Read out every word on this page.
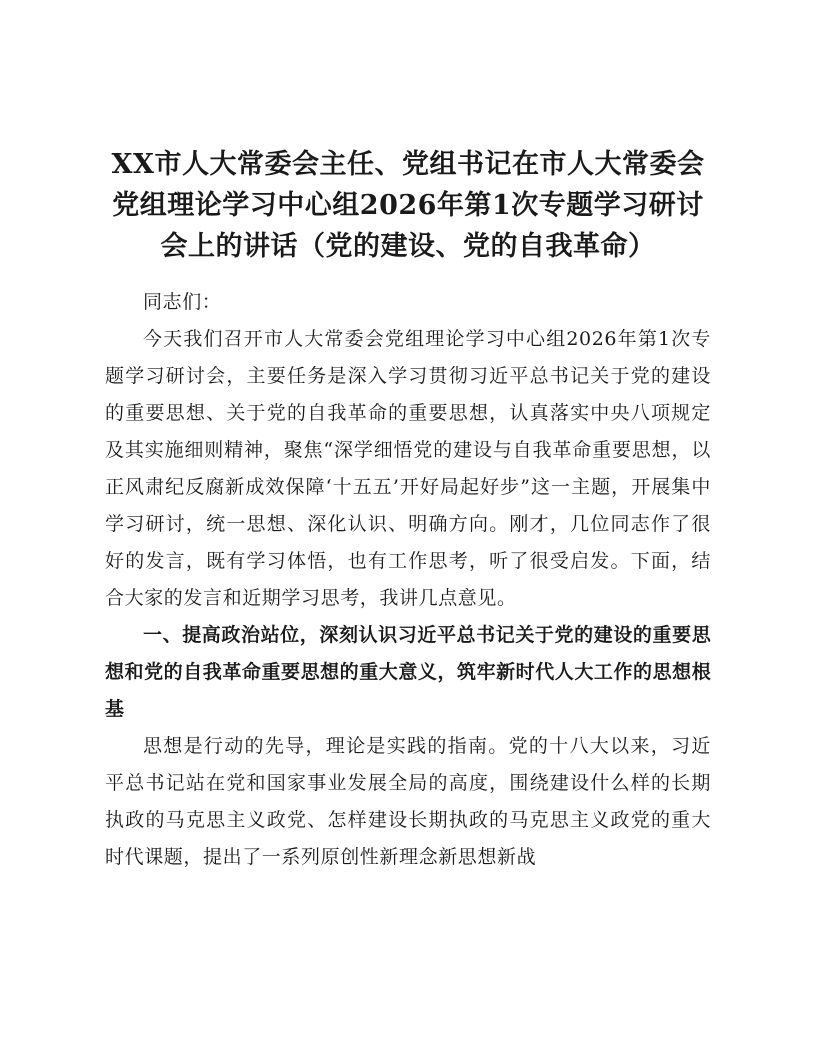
XX市人大常委会主任、党组书记在市人大常委会党组理论学习中心组2026年第1次专题学习研讨会上的讲话（党的建设、党的自我革命）

同志们：

今天我们召开市人大常委会党组理论学习中心组2026年第1次专题学习研讨会，主要任务是深入学习贯彻习近平总书记关于党的建设的重要思想、关于党的自我革命的重要思想，认真落实中央八项规定及其实施细则精神，聚焦“深学细悟党的建设与自我革命重要思想，以正风肃纪反腐新成效保障‘十五五’开好局起好步”这一主题，开展集中学习研讨，统一思想、深化认识、明确方向。刚才，几位同志作了很好的发言，既有学习体悟，也有工作思考，听了很受启发。下面，结合大家的发言和近期学习思考，我讲几点意见。

一、提高政治站位，深刻认识习近平总书记关于党的建设的重要思想和党的自我革命重要思想的重大意义，筑牢新时代人大工作的思想根基

思想是行动的先导，理论是实践的指南。党的十八大以来，习近平总书记站在党和国家事业发展全局的高度，围绕建设什么样的长期执政的马克思主义政党、怎样建设长期执政的马克思主义政党的重大时代课题，提出了一系列原创性新理念新思想新战
